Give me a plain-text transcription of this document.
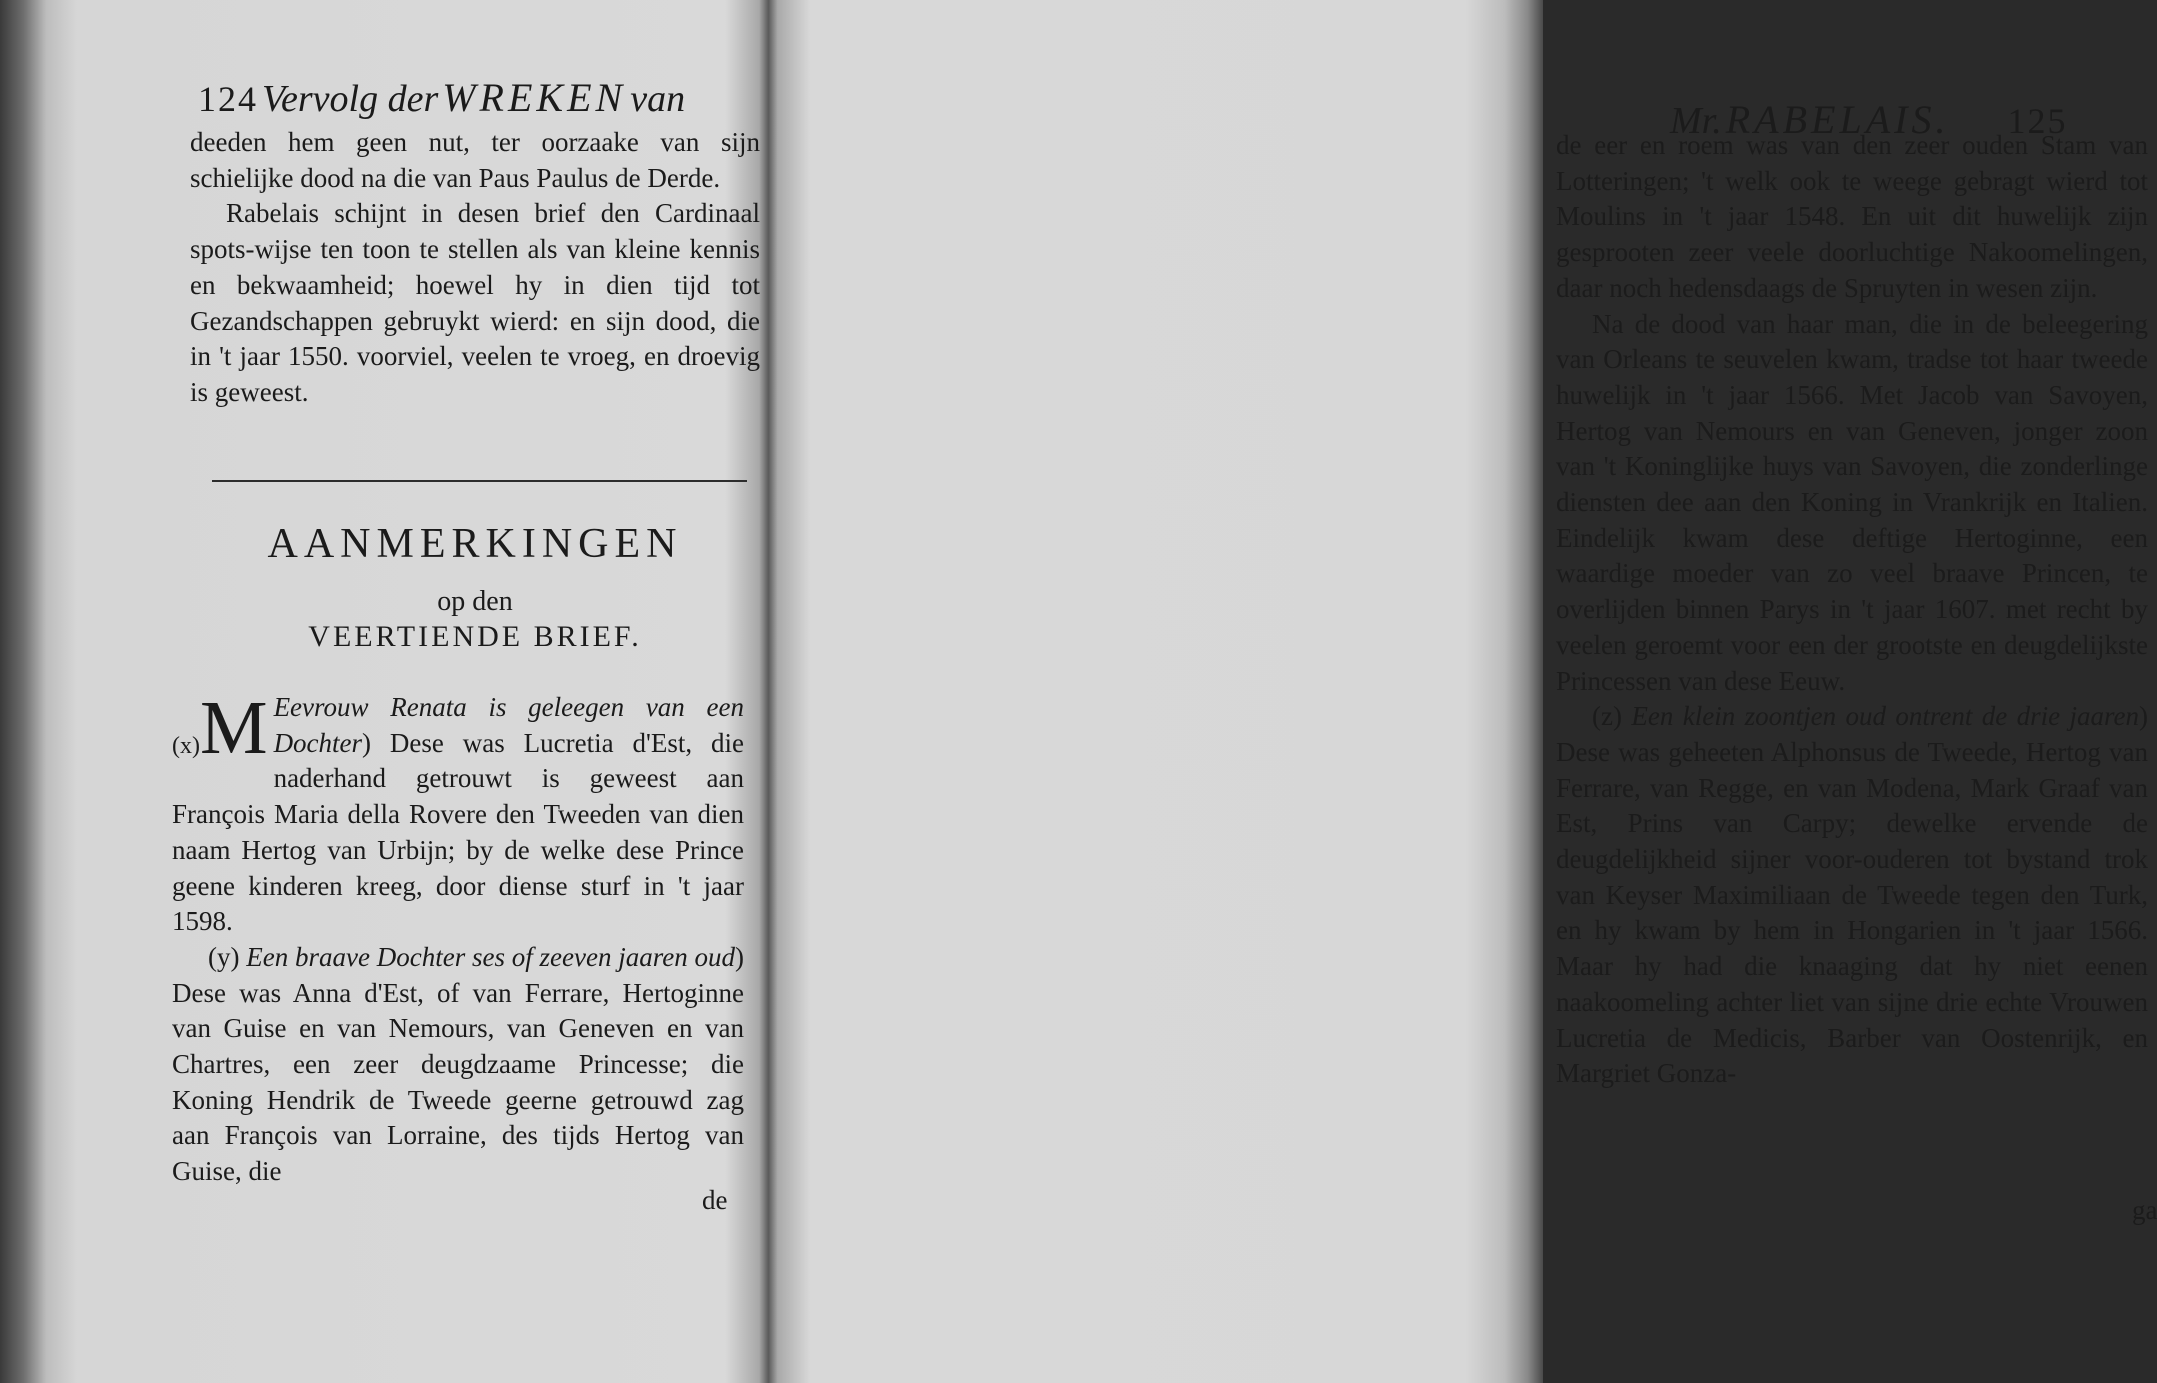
124 Vervolg der WREKEN van

deeden hem geen nut, ter oorzaake van sijn schielijke dood na die van Paus Paulus de Derde.

Rabelais schijnt in desen brief den Cardinaal spots-wijse ten toon te stellen als van kleine kennis en bekwaamheid; hoewel hy in dien tijd tot Gezandschappen gebruykt wierd: en sijn dood, die in 't jaar 1550. voorviel, veelen te vroeg, en droevig is geweest.

AANMERKINGEN
op den
VEERTIENDE BRIEF.

(x)M Eevrouw Renata is geleegen van een Dochter) Dese was Lucretia d'Est, die naderhand getrouwt is geweest aan François Maria della Rovere den Tweeden van dien naam Hertog van Urbijn; by de welke dese Prince geene kinderen kreeg, door diense sturf in 't jaar 1598.

(y) Een braave Dochter ses of zeeven jaaren oud) Dese was Anna d'Est, of van Ferrare, Hertoginne van Guise en van Nemours, van Geneven en van Chartres, een zeer deugdzaame Princesse; die Koning Hendrik de Tweede geerne getrouwd zag aan François van Lorraine, des tijds Hertog van Guise, die

de
Mr. RABELAIS. 125

de eer en roem was van den zeer ouden Stam van Lotteringen; 't welk ook te weege gebragt wierd tot Moulins in 't jaar 1548. En uit dit huwelijk zijn gesprooten zeer veele doorluchtige Nakoomelingen, daar noch hedensdaags de Spruyten in wesen zijn.

Na de dood van haar man, die in de beleegering van Orleans te seuvelen kwam, tradse tot haar tweede huwelijk in 't jaar 1566. Met Jacob van Savoyen, Hertog van Nemours en van Geneven, jonger zoon van 't Koninglijke huys van Savoyen, die zonderlinge diensten dee aan den Koning in Vrankrijk en Italien. Eindelijk kwam dese deftige Hertoginne, een waardige moeder van zo veel braave Princen, te overlijden binnen Parys in 't jaar 1607. met recht by veelen geroemt voor een der grootste en deugdelijkste Princessen van dese Eeuw.

(z) Een klein zoontjen oud ontrent de drie jaaren) Dese was geheeten Alphonsus de Tweede, Hertog van Ferrare, van Regge, en van Modena, Mark Graaf van Est, Prins van Carpy; dewelke ervende de deugdelijkheid sijner voor-ouderen tot bystand trok van Keyser Maximiliaan de Tweede tegen den Turk, en hy kwam by hem in Hongarien in 't jaar 1566. Maar hy had die knaaging dat hy niet eenen naakoomeling achter liet van sijne drie echte Vrouwen Lucretia de Medicis, Barber van Oostenrijk, en Margriet Gonza-

ga
